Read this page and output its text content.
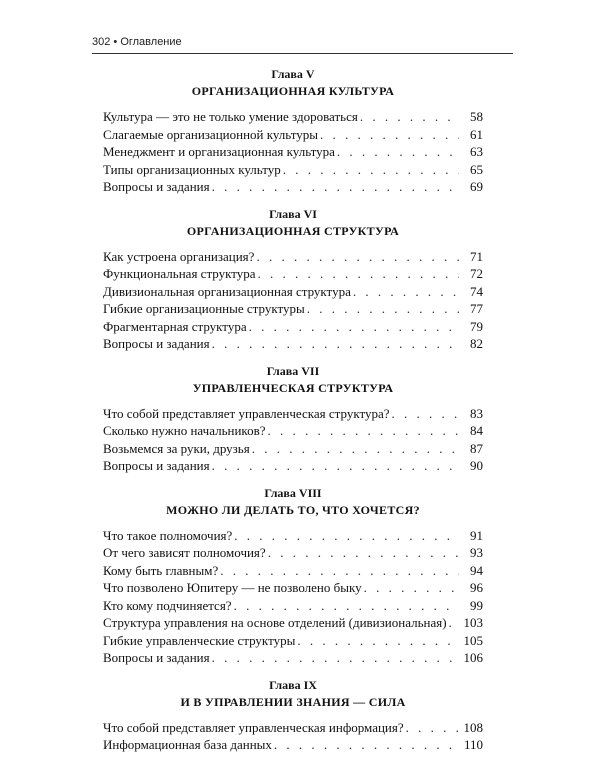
302 • Оглавление
Глава V
ОРГАНИЗАЦИОННАЯ КУЛЬТУРА
Культура — это не только умение здороваться . . .	58
Слагаемые организационной культуры . . .	61
Менеджмент и организационная культура . . .	63
Типы организационных культур . . .	65
Вопросы и задания . . .	69
Глава VI
ОРГАНИЗАЦИОННАЯ СТРУКТУРА
Как устроена организация? . . .	71
Функциональная структура . . .	72
Дивизиональная организационная структура . . .	74
Гибкие организационные структуры . . .	77
Фрагментарная структура . . .	79
Вопросы и задания . . .	82
Глава VII
УПРАВЛЕНЧЕСКАЯ СТРУКТУРА
Что собой представляет управленческая структура? . . .	83
Сколько нужно начальников? . . .	84
Возьмемся за руки, друзья . . .	87
Вопросы и задания . . .	90
Глава VIII
МОЖНО ЛИ ДЕЛАТЬ ТО, ЧТО ХОЧЕТСЯ?
Что такое полномочия? . . .	91
От чего зависят полномочия? . . .	93
Кому быть главным? . . .	94
Что позволено Юпитеру — не позволено быку . . .	96
Кто кому подчиняется? . . .	99
Структура управления на основе отделений (дивизиональная) . . . 103
Гибкие управленческие структуры . . .	105
Вопросы и задания . . .	106
Глава IX
И В УПРАВЛЕНИИ ЗНАНИЯ — СИЛА
Что собой представляет управленческая информация? . . .	108
Информационная база данных . . .	110
